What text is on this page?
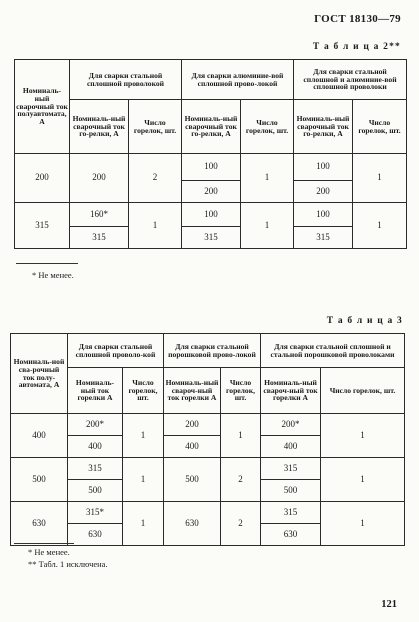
ГОСТ 18130—79
Т а б л и ц а 2**
Номиналь-ный сварочный ток полуавтомата, А	Для сварки стальной сплошной проволокой		Для сварки алюминие-вой сплошной прово-локой		Для сварки стальной сплошной и алюминие-вой сплошной проволоки	
	Номиналь-ный сварочный ток го-релки, А	Число горелок, шт.	Номиналь-ный сварочный ток го-релки, А	Число горелок, шт.	Номиналь-ный сварочный ток го-релки, А	Число горелок, шт.
200	200	2	100	1	100	1
			200		200	
315	160*	1	100	1	100	1
	315		315		315	
* Не менее.
Т а б л и ц а 3
Номиналь-ной сва-рочный ток полу-автомата, А	Для сварки стальной сплошной проволо-кой		Для сварки стальной порошковой прово-локой		Для сварки стальной сплошной и стальной порошковой проволоками	
	Номиналь-ный ток горелки А	Число горелок, шт.	Номиналь-ный свароч-ный ток горелки А	Число горелок, шт.	Номиналь-ный свароч-ный ток горелки А	Число горелок, шт.
400	200*	1	200	1	200*	1
	400		400		400	
500	315	1	500	2	315	1
	500				500	
630	315*	1	630	2	315	1
	630				630	
* Не менее.
** Табл. 1 исключена.
121
